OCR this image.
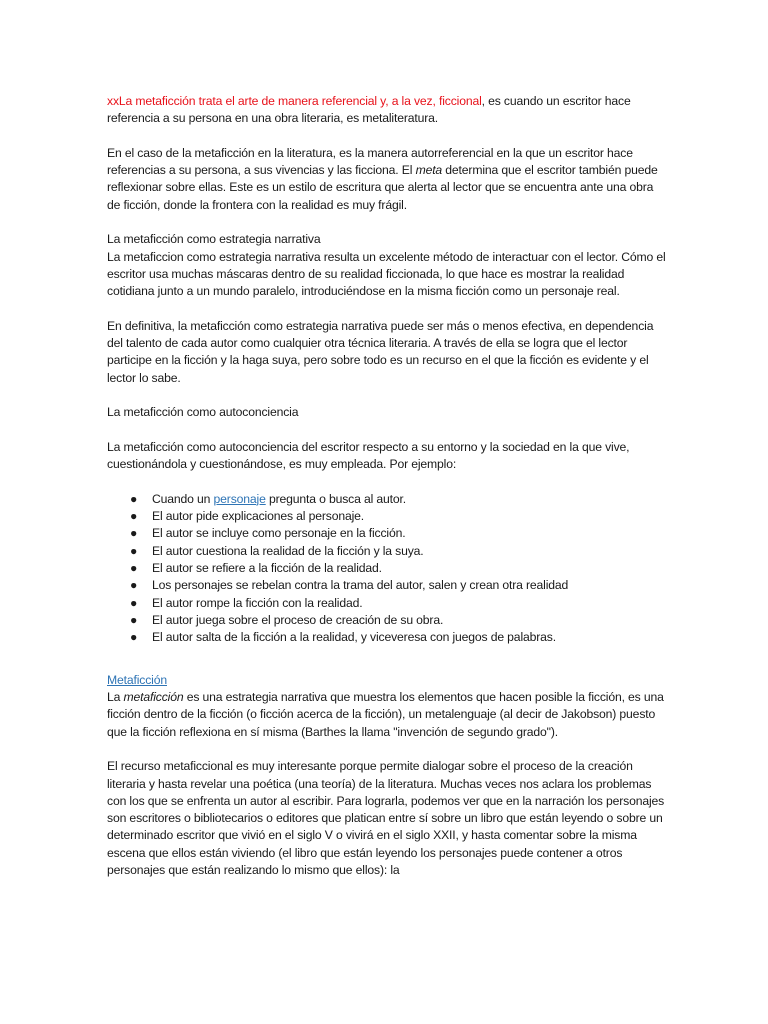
xxLa metaficción trata el arte de manera referencial y, a la vez, ficcional, es cuando un escritor hace referencia a su persona en una obra literaria, es metaliteratura.

En el caso de la metaficción en la literatura, es la manera autorreferencial en la que un escritor hace referencias a su persona, a sus vivencias y las ficciona. El meta determina que el escritor también puede reflexionar sobre ellas. Este es un estilo de escritura que alerta al lector que se encuentra ante una obra de ficción, donde la frontera con la realidad es muy frágil.

La metaficción como estrategia narrativa
La metaficcion como estrategia narrativa resulta un excelente método de interactuar con el lector. Cómo el escritor usa muchas máscaras dentro de su realidad ficcionada, lo que hace es mostrar la realidad cotidiana junto a un mundo paralelo, introduciéndose en la misma ficción como un personaje real.

En definitiva, la metaficción como estrategia narrativa puede ser más o menos efectiva, en dependencia del talento de cada autor como cualquier otra técnica literaria. A través de ella se logra que el lector participe en la ficción y la haga suya, pero sobre todo es un recurso en el que la ficción es evidente y el lector lo sabe.

La metaficción como autoconciencia

La metaficción como autoconciencia del escritor respecto a su entorno y la sociedad en la que vive, cuestionándola y cuestionándose, es muy empleada. Por ejemplo:

● Cuando un personaje pregunta o busca al autor.
● El autor pide explicaciones al personaje.
● El autor se incluye como personaje en la ficción.
● El autor cuestiona la realidad de la ficción y la suya.
● El autor se refiere a la ficción de la realidad.
● Los personajes se rebelan contra la trama del autor, salen y crean otra realidad
● El autor rompe la ficción con la realidad.
● El autor juega sobre el proceso de creación de su obra.
● El autor salta de la ficción a la realidad, y viceveresa con juegos de palabras.

Metaficción
La metaficción es una estrategia narrativa que muestra los elementos que hacen posible la ficción, es una ficción dentro de la ficción (o ficción acerca de la ficción), un metalenguaje (al decir de Jakobson) puesto que la ficción reflexiona en sí misma (Barthes la llama "invención de segundo grado").

El recurso metaficcional es muy interesante porque permite dialogar sobre el proceso de la creación literaria y hasta revelar una poética (una teoría) de la literatura. Muchas veces nos aclara los problemas con los que se enfrenta un autor al escribir. Para lograrla, podemos ver que en la narración los personajes son escritores o bibliotecarios o editores que platican entre sí sobre un libro que están leyendo o sobre un determinado escritor que vivió en el siglo V o vivirá en el siglo XXII, y hasta comentar sobre la misma escena que ellos están viviendo (el libro que están leyendo los personajes puede contener a otros personajes que están realizando lo mismo que ellos): la
